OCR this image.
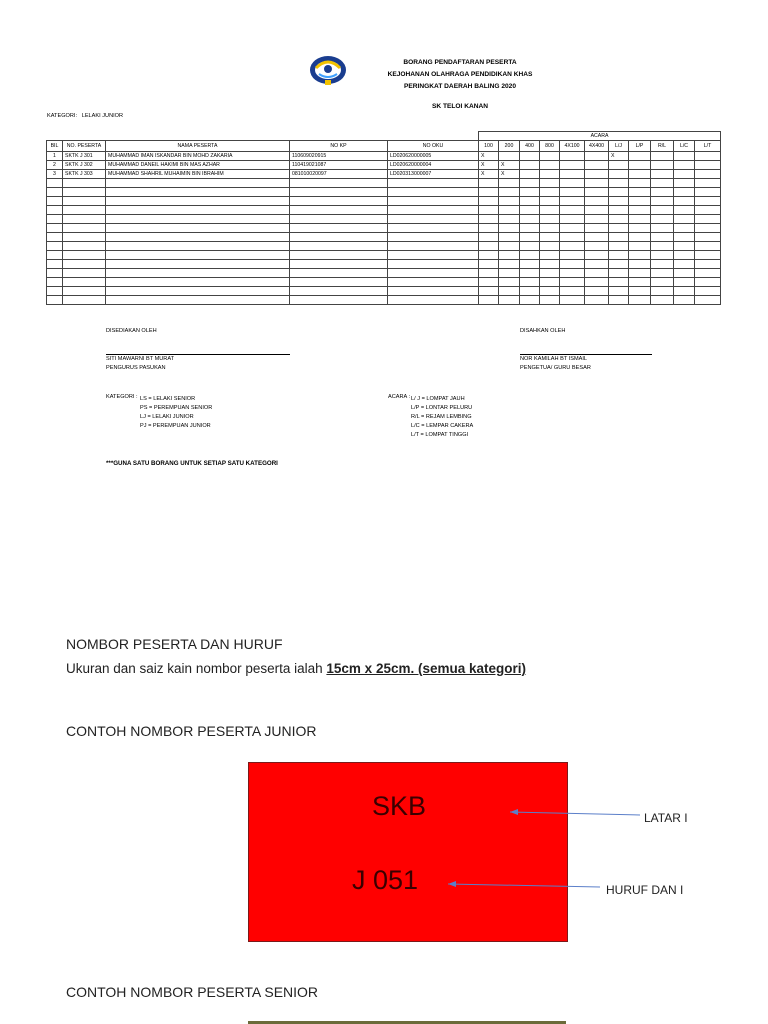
BORANG PENDAFTARAN PESERTA
KEJOHANAN OLAHRAGA PENDIDIKAN KHAS
PERINGKAT DAERAH BALING 2020
SK TELOI KANAN
KATEGORI: LELAKI JUNIOR
					ACARA										
BIL	NO. PESERTA	NAMA PESERTA	NO KP	NO OKU	100	200	400	800	4X100	4X400	L/J	L/P	R/L	L/C	L/T
1	SKTK J 301	MUHAMMAD IMAN ISKANDAR BIN MOHD ZAKARIA	110609020915	LD020620000005	X						X				
2	SKTK J 302	MUHAMMAD DANEIL HAKIMI BIN MAS AZHAR	110419021087	LD020620000004	X	X									
3	SKTK J 303	MUHAMMAD SHAHRIL MUHAIMIN BIN IBRAHIM	081010020097	LD020313000007	X	X									

DISEDIAKAN OLEH
SITI MAWARNI BT MURAT
PENGURUS PASUKAN
DISAHKAN OLEH
NOR KAMILAH BT ISMAIL
PENGETUA/ GURU BESAR
KATEGORI : LS = LELAKI SENIOR
PS = PEREMPUAN SENIOR
LJ = LELAKI JUNIOR
PJ = PEREMPUAN JUNIOR
ACARA : L/ J = LOMPAT JAUH
L/P = LONTAR PELURU
R/L = REJAM LEMBING
L/C = LEMPAR CAKERA
L/T = LOMPAT TINGGI
***GUNA SATU BORANG UNTUK SETIAP SATU KATEGORI
NOMBOR PESERTA DAN HURUF
Ukuran dan saiz kain nombor peserta ialah 15cm x 25cm. (semua kategori)
CONTOH NOMBOR PESERTA JUNIOR
SKB
J 051
LATAR I
HURUF DAN I
CONTOH NOMBOR PESERTA SENIOR
